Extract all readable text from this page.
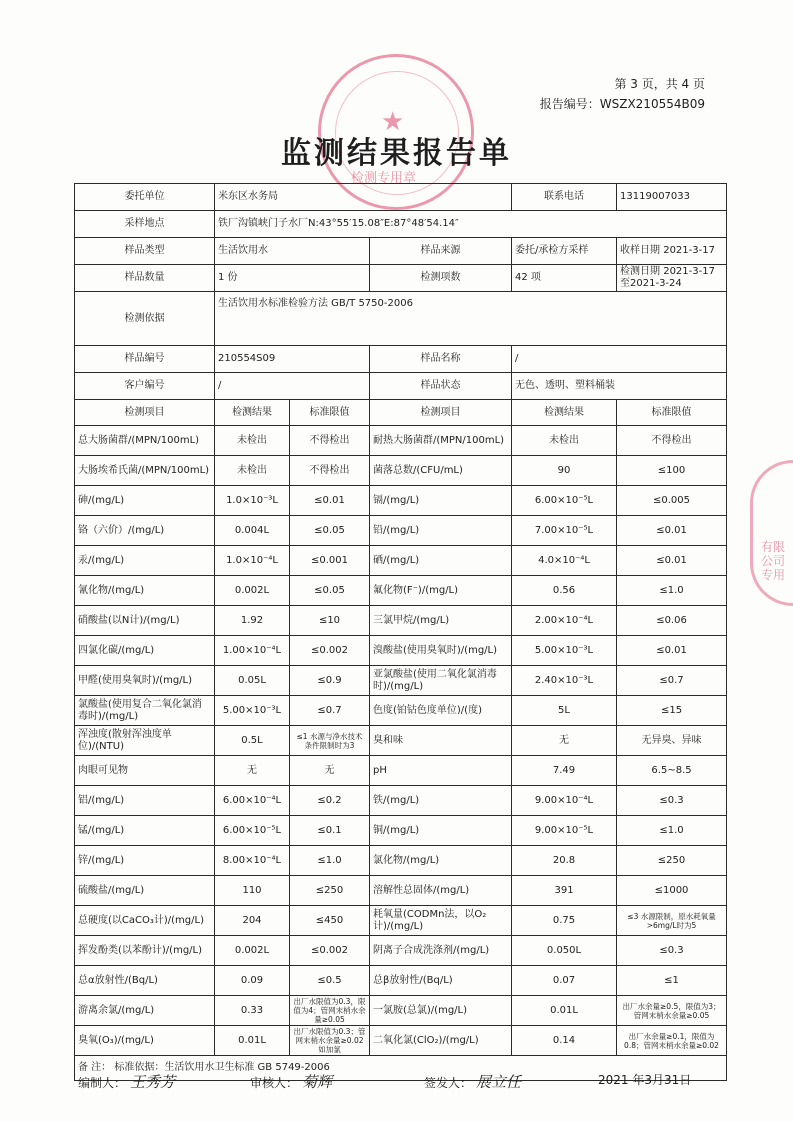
第 3 页，共 4 页
报告编号：WSZX210554B09
★
检测专用章
监测结果报告单
委托单位	米东区水务局			联系电话	13119007033
采样地点	铁厂沟镇峡门子水厂N:43°55′15.08″E:87°48′54.14″				
样品类型	生活饮用水		样品来源	委托/承检方采样	收样日期 2021-3-17
样品数量	1 份		检测项数	42 项	检测日期 2021-3-17至2021-3-24
检测依据	生活饮用水标准检验方法 GB/T 5750-2006				
样品编号	210554S09		样品名称	/	
客户编号	/		样品状态	无色、透明、塑料桶装	
检测项目	检测结果	标准限值	检测项目	检测结果	标准限值
总大肠菌群/(MPN/100mL)	未检出	不得检出	耐热大肠菌群/(MPN/100mL)	未检出	不得检出
大肠埃希氏菌/(MPN/100mL)	未检出	不得检出	菌落总数/(CFU/mL)	90	≤100
砷/(mg/L)	1.0×10⁻³L	≤0.01	镉/(mg/L)	6.00×10⁻⁵L	≤0.005
铬（六价）/(mg/L)	0.004L	≤0.05	铅/(mg/L)	7.00×10⁻⁵L	≤0.01
汞/(mg/L)	1.0×10⁻⁴L	≤0.001	硒/(mg/L)	4.0×10⁻⁴L	≤0.01
氰化物/(mg/L)	0.002L	≤0.05	氟化物(F⁻)/(mg/L)	0.56	≤1.0
硝酸盐(以N计)/(mg/L)	1.92	≤10	三氯甲烷/(mg/L)	2.00×10⁻⁴L	≤0.06
四氯化碳/(mg/L)	1.00×10⁻⁴L	≤0.002	溴酸盐(使用臭氧时)/(mg/L)	5.00×10⁻³L	≤0.01
甲醛(使用臭氧时)/(mg/L)	0.05L	≤0.9	亚氯酸盐(使用二氧化氯消毒时)/(mg/L)	2.40×10⁻³L	≤0.7
氯酸盐(使用复合二氧化氯消毒时)/(mg/L)	5.00×10⁻³L	≤0.7	色度(铂钴色度单位)/(度)	5L	≤15
浑浊度(散射浑浊度单位)/(NTU)	0.5L	≤1 水源与净水技术条件限制时为3	臭和味	无	无异臭、异味
肉眼可见物	无	无	pH	7.49	6.5~8.5
铝/(mg/L)	6.00×10⁻⁴L	≤0.2	铁/(mg/L)	9.00×10⁻⁴L	≤0.3
锰/(mg/L)	6.00×10⁻⁵L	≤0.1	铜/(mg/L)	9.00×10⁻⁵L	≤1.0
锌/(mg/L)	8.00×10⁻⁴L	≤1.0	氯化物/(mg/L)	20.8	≤250
硫酸盐/(mg/L)	110	≤250	溶解性总固体/(mg/L)	391	≤1000
总硬度(以CaCO₃计)/(mg/L)	204	≤450	耗氧量(CODMn法，以O₂计)/(mg/L)	0.75	≤3 水源限制，原水耗氧量>6mg/L时为5
挥发酚类(以苯酚计)/(mg/L)	0.002L	≤0.002	阴离子合成洗涤剂/(mg/L)	0.050L	≤0.3
总α放射性/(Bq/L)	0.09	≤0.5	总β放射性/(Bq/L)	0.07	≤1
游离余氯/(mg/L)	0.33	出厂水限值为0.3，限值为4；管网末梢水余量≥0.05	一氯胺(总氯)/(mg/L)	0.01L	出厂水余量≥0.5，限值为3；管网末梢水余量≥0.05
臭氧(O₃)/(mg/L)	0.01L	出厂水限值为0.3；管网末梢水余量≥0.02 如加氯	二氧化氯(ClO₂)/(mg/L)	0.14	出厂水余量≥0.1，限值为0.8；管网末梢水余量≥0.02
备 注： 标准依据：生活饮用水卫生标准 GB 5749-2006					
有限公司 专用
编制人： 王秀芳	审核人： 菊辉	签发人： 展立任	2021 年3月31日
